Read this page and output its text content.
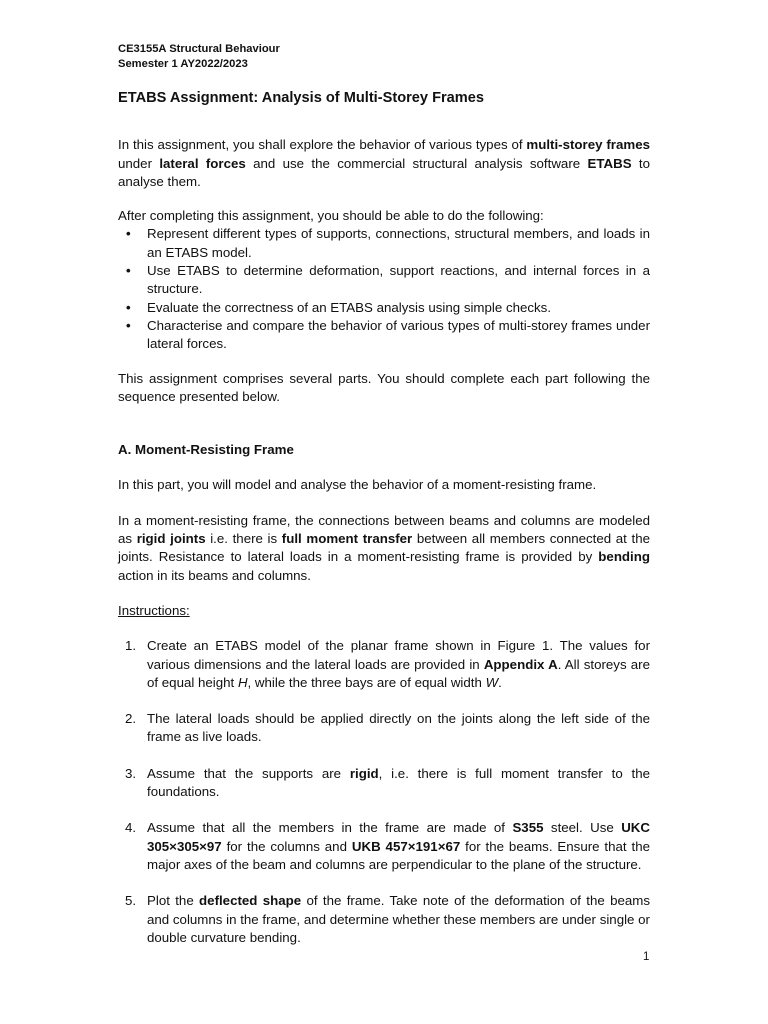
CE3155A Structural Behaviour
Semester 1 AY2022/2023
ETABS Assignment: Analysis of Multi-Storey Frames

In this assignment, you shall explore the behavior of various types of multi-storey frames under lateral forces and use the commercial structural analysis software ETABS to analyse them.

After completing this assignment, you should be able to do the following:

• Represent different types of supports, connections, structural members, and loads in an ETABS model.
• Use ETABS to determine deformation, support reactions, and internal forces in a structure.
• Evaluate the correctness of an ETABS analysis using simple checks.
• Characterise and compare the behavior of various types of multi-storey frames under lateral forces.

This assignment comprises several parts. You should complete each part following the sequence presented below.

A. Moment-Resisting Frame

In this part, you will model and analyse the behavior of a moment-resisting frame.

In a moment-resisting frame, the connections between beams and columns are modeled as rigid joints i.e. there is full moment transfer between all members connected at the joints. Resistance to lateral loads in a moment-resisting frame is provided by bending action in its beams and columns.

Instructions:
1. Create an ETABS model of the planar frame shown in Figure 1. The values for various dimensions and the lateral loads are provided in Appendix A. All storeys are of equal height H, while the three bays are of equal width W.
2. The lateral loads should be applied directly on the joints along the left side of the frame as live loads.
3. Assume that the supports are rigid, i.e. there is full moment transfer to the foundations.
4. Assume that all the members in the frame are made of S355 steel. Use UKC 305×305×97 for the columns and UKB 457×191×67 for the beams. Ensure that the major axes of the beam and columns are perpendicular to the plane of the structure.
5. Plot the deflected shape of the frame. Take note of the deformation of the beams and columns in the frame, and determine whether these members are under single or double curvature bending.
1
